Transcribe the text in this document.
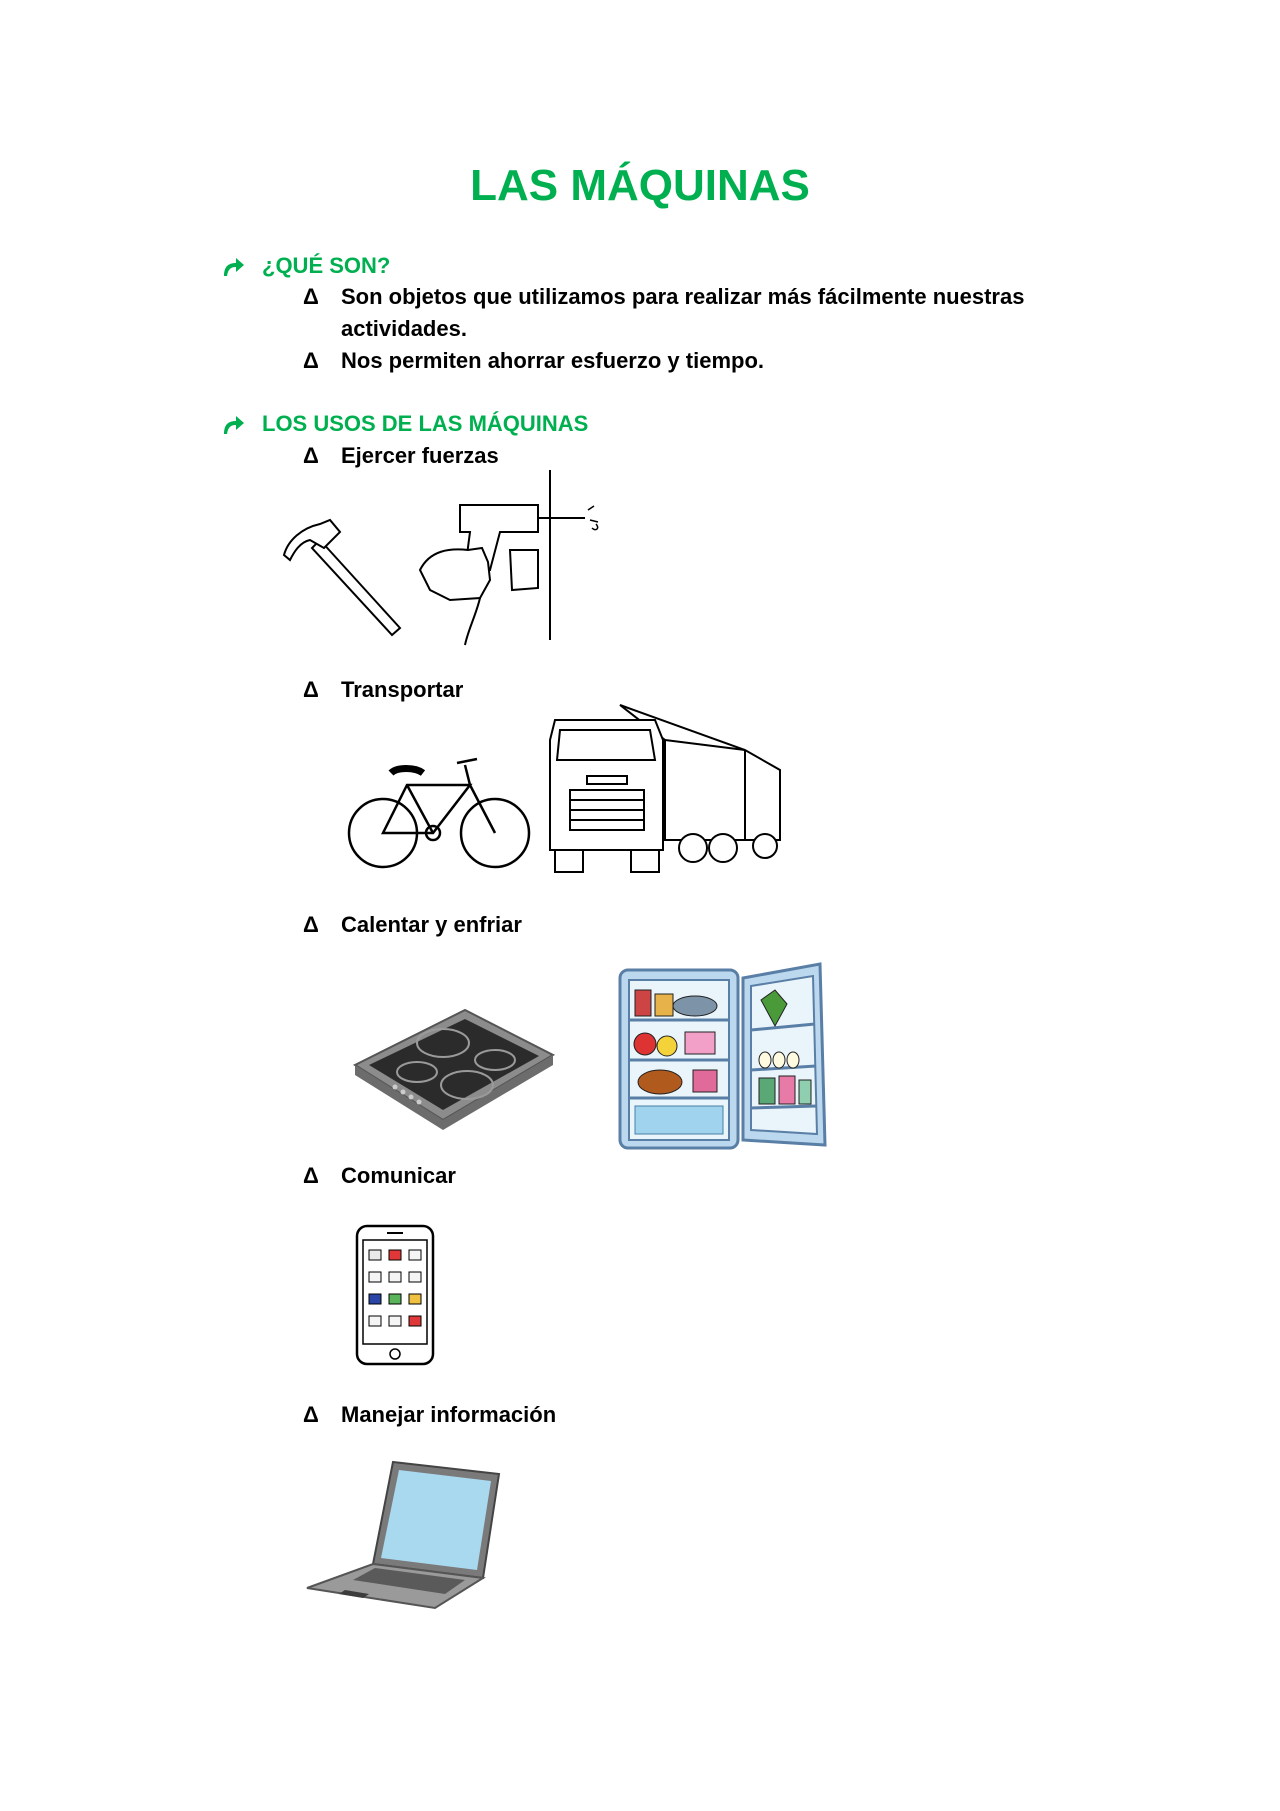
LAS MÁQUINAS
¿QUÉ SON?
Δ Son objetos que utilizamos para realizar más fácilmente nuestras actividades.
Δ Nos permiten ahorrar esfuerzo y tiempo.
LOS USOS DE LAS MÁQUINAS
Δ Ejercer fuerzas
Δ Transportar
Δ Calentar y enfriar
Δ Comunicar
Δ Manejar información
